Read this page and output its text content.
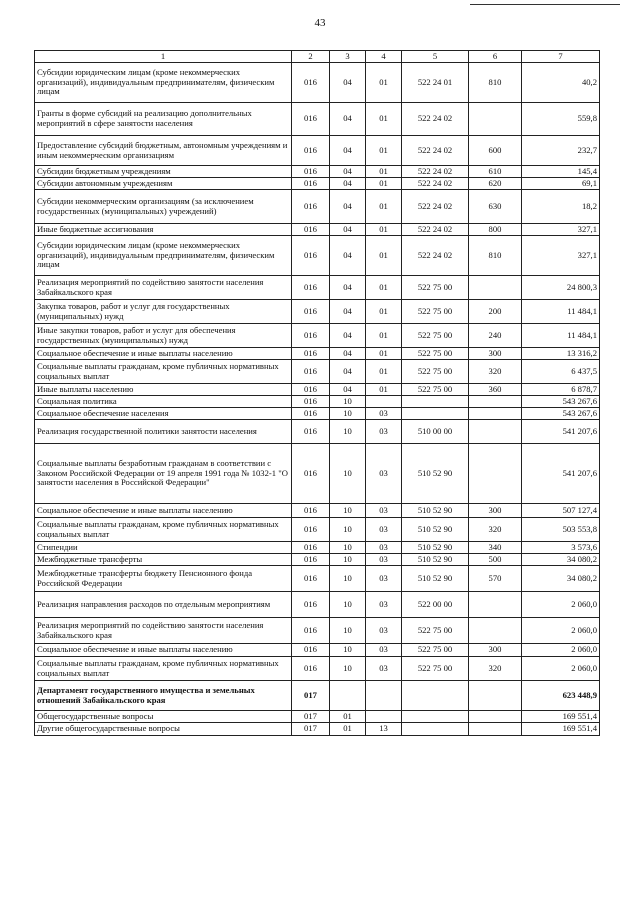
43
1	2	3	4	5	6	7
Субсидии юридическим лицам (кроме некоммерческих организаций), индивидуальным предпринимателям, физическим лицам	016	04	01	522 24 01	810	40,2
Гранты в форме субсидий на реализацию дополнительных мероприятий в сфере занятости населения	016	04	01	522 24 02		559,8
Предоставление субсидий бюджетным, автономным учреждениям и иным некоммерческим организациям	016	04	01	522 24 02	600	232,7
Субсидии бюджетным учреждениям	016	04	01	522 24 02	610	145,4
Субсидии автономным учреждениям	016	04	01	522 24 02	620	69,1
Субсидии некоммерческим организациям (за исключением государственных (муниципальных) учреждений)	016	04	01	522 24 02	630	18,2
Иные бюджетные ассигнования	016	04	01	522 24 02	800	327,1
Субсидии юридическим лицам (кроме некоммерческих организаций), индивидуальным предпринимателям, физическим лицам	016	04	01	522 24 02	810	327,1
Реализация мероприятий по содействию занятости населения Забайкальского края	016	04	01	522 75 00		24 800,3
Закупка товаров, работ и услуг для государственных (муниципальных) нужд	016	04	01	522 75 00	200	11 484,1
Иные закупки товаров, работ и услуг для обеспечения государственных (муниципальных) нужд	016	04	01	522 75 00	240	11 484,1
Социальное обеспечение и иные выплаты населению	016	04	01	522 75 00	300	13 316,2
Социальные выплаты гражданам, кроме публичных нормативных социальных выплат	016	04	01	522 75 00	320	6 437,5
Иные выплаты населению	016	04	01	522 75 00	360	6 878,7
Социальная политика	016	10				543 267,6
Социальное обеспечение населения	016	10	03			543 267,6
Реализация государственной политики занятости населения	016	10	03	510 00 00		541 207,6
Социальные выплаты безработным гражданам в соответствии с Законом Российской Федерации от 19 апреля 1991 года № 1032-1 "О занятости населения в Российской Федерации"	016	10	03	510 52 90		541 207,6
Социальное обеспечение и иные выплаты населению	016	10	03	510 52 90	300	507 127,4
Социальные выплаты гражданам, кроме публичных нормативных социальных выплат	016	10	03	510 52 90	320	503 553,8
Стипендии	016	10	03	510 52 90	340	3 573,6
Межбюджетные трансферты	016	10	03	510 52 90	500	34 080,2
Межбюджетные трансферты бюджету Пенсионного фонда Российской Федерации	016	10	03	510 52 90	570	34 080,2
Реализация направления расходов по отдельным мероприятиям	016	10	03	522 00 00		2 060,0
Реализация мероприятий по содействию занятости населения Забайкальского края	016	10	03	522 75 00		2 060,0
Социальное обеспечение и иные выплаты населению	016	10	03	522 75 00	300	2 060,0
Социальные выплаты гражданам, кроме публичных нормативных социальных выплат	016	10	03	522 75 00	320	2 060,0
Департамент государственного имущества и земельных отношений Забайкальского края	017					623 448,9
Общегосударственные вопросы	017	01				169 551,4
Другие общегосударственные вопросы	017	01	13			169 551,4
